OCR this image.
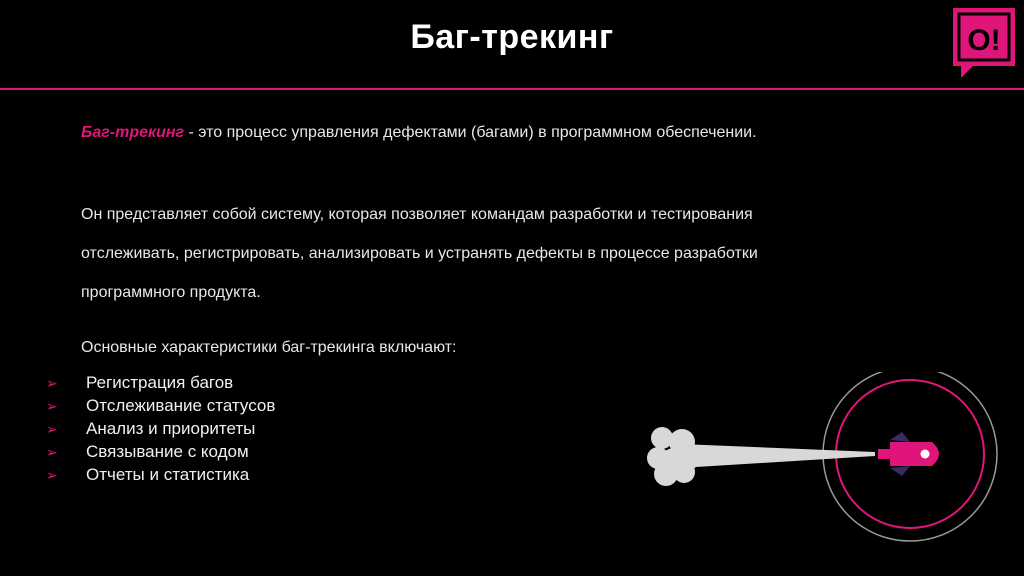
Баг-трекинг	O!
Баг-трекинг - это процесс управления дефектами (багами) в программном обеспечении.
Он представляет собой систему, которая позволяет командам разработки и тестирования
отслеживать, регистрировать, анализировать и устранять дефекты в процессе разработки
программного продукта.
Основные характеристики баг-трекинга включают:
➢ Регистрация багов
➢ Отслеживание статусов
➢ Анализ и приоритеты
➢ Связывание с кодом
➢ Отчеты и статистика
